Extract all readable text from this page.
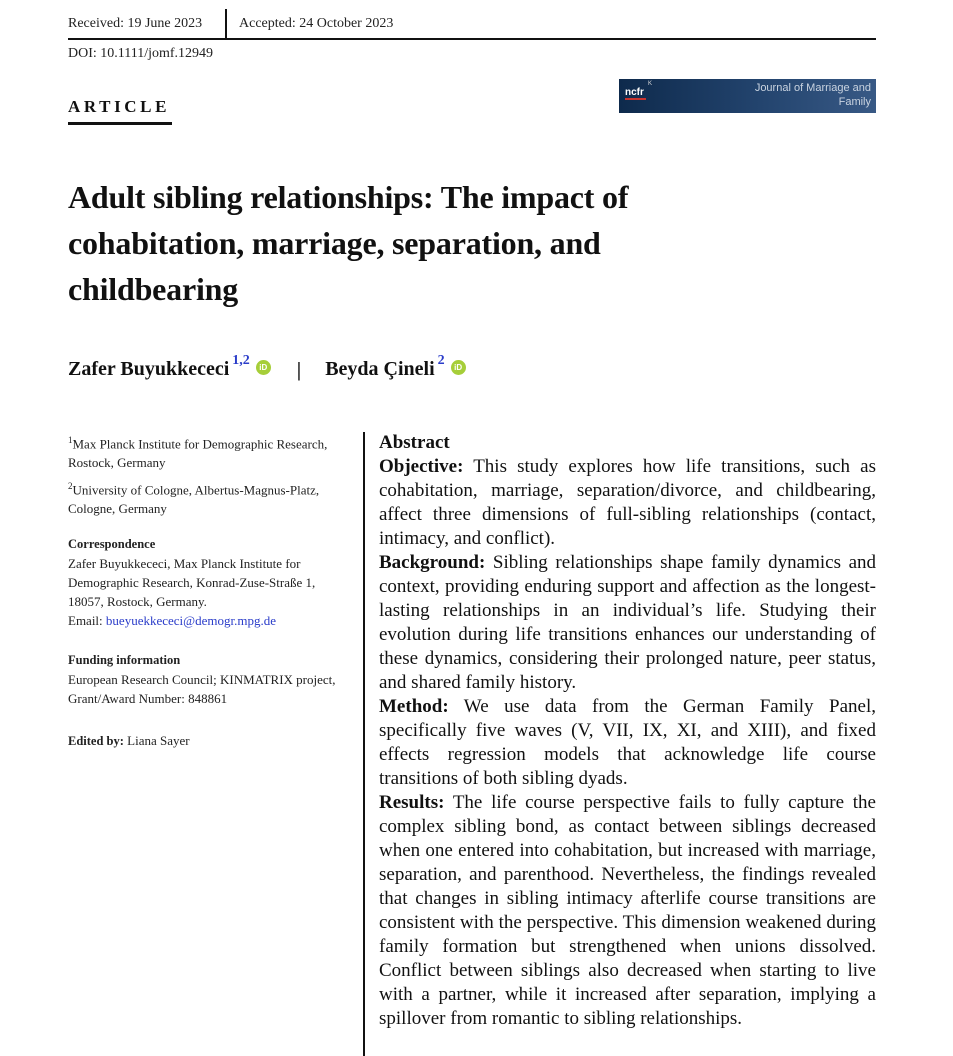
Received: 19 June 2023	Accepted: 24 October 2023
DOI: 10.1111/jomf.12949
ARTICLE
ncfr
K	Journal of Marriage and Family
Adult sibling relationships: The impact of cohabitation, marriage, separation, and childbearing
Zafer Buyukkececi$^{1,2}$	iD | Beyda Çineli$^2$	iD
$^1$Max Planck Institute for Demographic Research, Rostock, Germany
$^2$University of Cologne, Albertus-Magnus-Platz, Cologne, Germany
Correspondence
Zafer Buyukkececi, Max Planck Institute for Demographic Research, Konrad-Zuse-Straße 1, 18057, Rostock, Germany.
Email: bueyuekkececi@demogr.mpg.de
Funding information
European Research Council; KINMATRIX project, Grant/Award Number: 848861
Edited by: Liana Sayer
Abstract

Objective: This study explores how life transitions, such as cohabitation, marriage, separation/divorce, and childbearing, affect three dimensions of full-sibling relationships (contact, intimacy, and conflict).

Background: Sibling relationships shape family dynamics and context, providing enduring support and affection as the longest-lasting relationships in an individual’s life. Studying their evolution during life transitions enhances our understanding of these dynamics, considering their prolonged nature, peer status, and shared family history.

Method: We use data from the German Family Panel, specifically five waves (V, VII, IX, XI, and XIII), and fixed effects regression models that acknowledge life course transitions of both sibling dyads.

Results: The life course perspective fails to fully capture the complex sibling bond, as contact between siblings decreased when one entered into cohabitation, but increased with marriage, separation, and parenthood. Nevertheless, the findings revealed that changes in sibling intimacy afterlife course transitions are consistent with the perspective. This dimension weakened during family formation but strengthened when unions dissolved. Conflict between siblings also decreased when starting to live with a partner, while it increased after separation, implying a spillover from romantic to sibling relationships.
